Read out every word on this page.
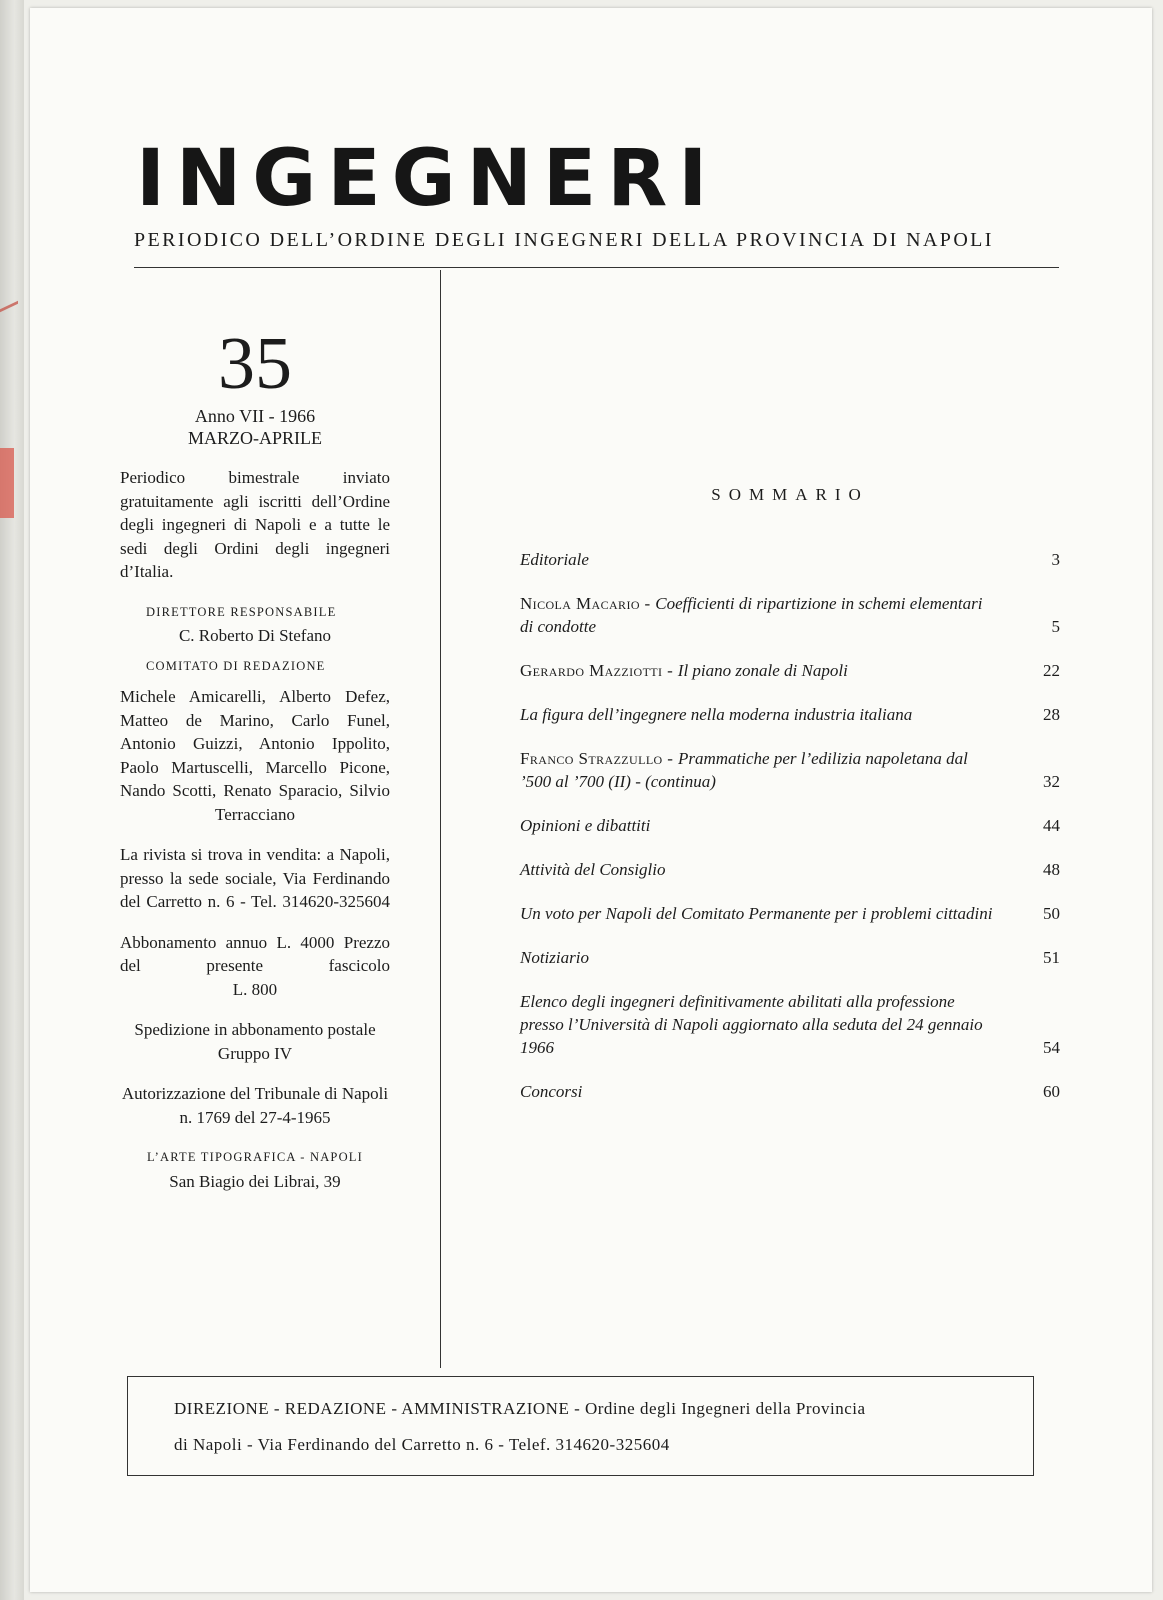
INGEGNERI
PERIODICO DELL’ORDINE DEGLI INGEGNERI DELLA PROVINCIA DI NAPOLI
35
Anno VII - 1966
MARZO-APRILE
Periodico bimestrale inviato gratuitamente agli iscritti dell’Ordine degli ingegneri di Napoli e a tutte le sedi degli Ordini degli ingegneri d’Italia.
DIRETTORE RESPONSABILE
C. Roberto Di Stefano
COMITATO DI REDAZIONE
Michele Amicarelli, Alberto Defez, Matteo de Marino, Carlo Funel, Antonio Guizzi, Antonio Ippolito, Paolo Martuscelli, Marcello Picone, Nando Scotti, Renato Sparacio, Silvio
Terracciano
La rivista si trova in vendita: a Napoli, presso la sede sociale, Via Ferdinando del Carretto n. 6 - Tel. 314620-325604
Abbonamento annuo L. 4000 Prezzo del presente fascicolo
L. 800
Spedizione in abbonamento postale Gruppo IV
Autorizzazione del Tribunale di Napoli n. 1769 del 27-4-1965
L’ARTE TIPOGRAFICA - NAPOLI
San Biagio dei Librai, 39
SOMMARIO
Editoriale	3
Nicola Macario - Coefficienti di ripartizione in schemi elementari di condotte	5
Gerardo Mazziotti - Il piano zonale di Napoli	22
La figura dell’ingegnere nella moderna industria italiana	28
Franco Strazzullo - Prammatiche per l’edilizia napoletana dal ’500 al ’700 (II) - (continua)	32
Opinioni e dibattiti	44
Attività del Consiglio	48
Un voto per Napoli del Comitato Permanente per i problemi cittadini	50
Notiziario	51
Elenco degli ingegneri definitivamente abilitati alla professione presso l’Università di Napoli aggiornato alla seduta del 24 gennaio 1966	54
Concorsi	60
DIREZIONE - REDAZIONE - AMMINISTRAZIONE - Ordine degli Ingegneri della Provincia
di Napoli - Via Ferdinando del Carretto n. 6 - Telef. 314620-325604
